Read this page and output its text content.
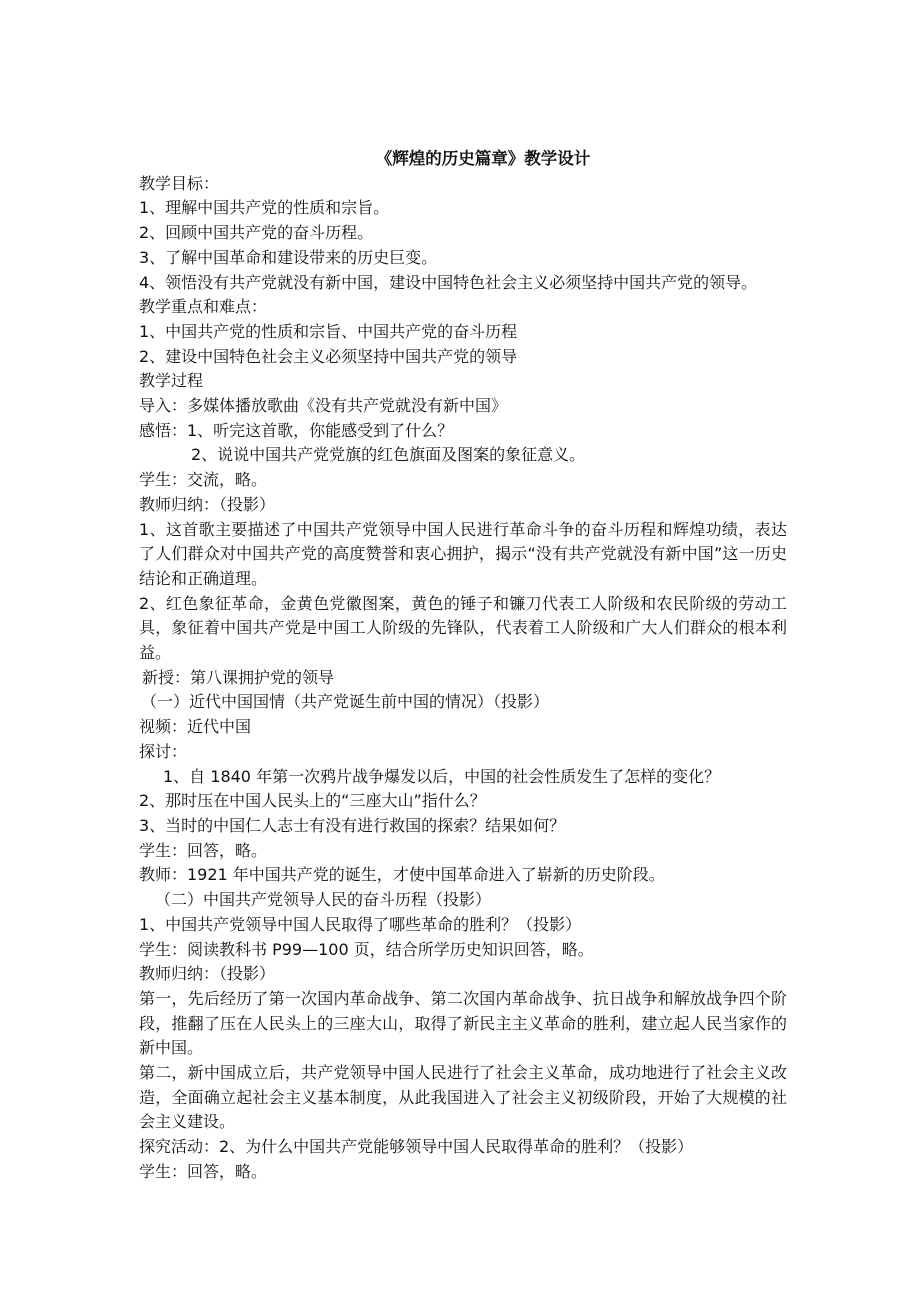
《辉煌的历史篇章》教学设计

教学目标：

1、理解中国共产党的性质和宗旨。

2、回顾中国共产党的奋斗历程。

3、了解中国革命和建设带来的历史巨变。

4、领悟没有共产党就没有新中国，建设中国特色社会主义必须坚持中国共产党的领导。

教学重点和难点：

1、中国共产党的性质和宗旨、中国共产党的奋斗历程

2、建设中国特色社会主义必须坚持中国共产党的领导

教学过程

导入：多媒体播放歌曲《没有共产党就没有新中国》

感悟：1、听完这首歌，你能感受到了什么？

2、说说中国共产党党旗的红色旗面及图案的象征意义。

学生：交流，略。

教师归纳：（投影）

1、这首歌主要描述了中国共产党领导中国人民进行革命斗争的奋斗历程和辉煌功绩，表达了人们群众对中国共产党的高度赞誉和衷心拥护，揭示“没有共产党就没有新中国”这一历史结论和正确道理。

2、红色象征革命，金黄色党徽图案，黄色的锤子和镰刀代表工人阶级和农民阶级的劳动工具，象征着中国共产党是中国工人阶级的先锋队，代表着工人阶级和广大人们群众的根本利益。

新授：第八课拥护党的领导

（一）近代中国国情（共产党诞生前中国的情况）（投影）

视频：近代中国

探讨：

1、自 1840 年第一次鸦片战争爆发以后，中国的社会性质发生了怎样的变化？

2、那时压在中国人民头上的“三座大山”指什么？

3、当时的中国仁人志士有没有进行救国的探索？结果如何？

学生：回答，略。

教师：1921 年中国共产党的诞生，才使中国革命进入了崭新的历史阶段。

（二）中国共产党领导人民的奋斗历程（投影）

1、中国共产党领导中国人民取得了哪些革命的胜利？（投影）

学生：阅读教科书 P99—100 页，结合所学历史知识回答，略。

教师归纳：（投影）

第一，先后经历了第一次国内革命战争、第二次国内革命战争、抗日战争和解放战争四个阶段，推翻了压在人民头上的三座大山，取得了新民主主义革命的胜利，建立起人民当家作的新中国。

第二，新中国成立后，共产党领导中国人民进行了社会主义革命，成功地进行了社会主义改造，全面确立起社会主义基本制度，从此我国进入了社会主义初级阶段，开始了大规模的社会主义建设。

探究活动：2、为什么中国共产党能够领导中国人民取得革命的胜利？（投影）

学生：回答，略。
